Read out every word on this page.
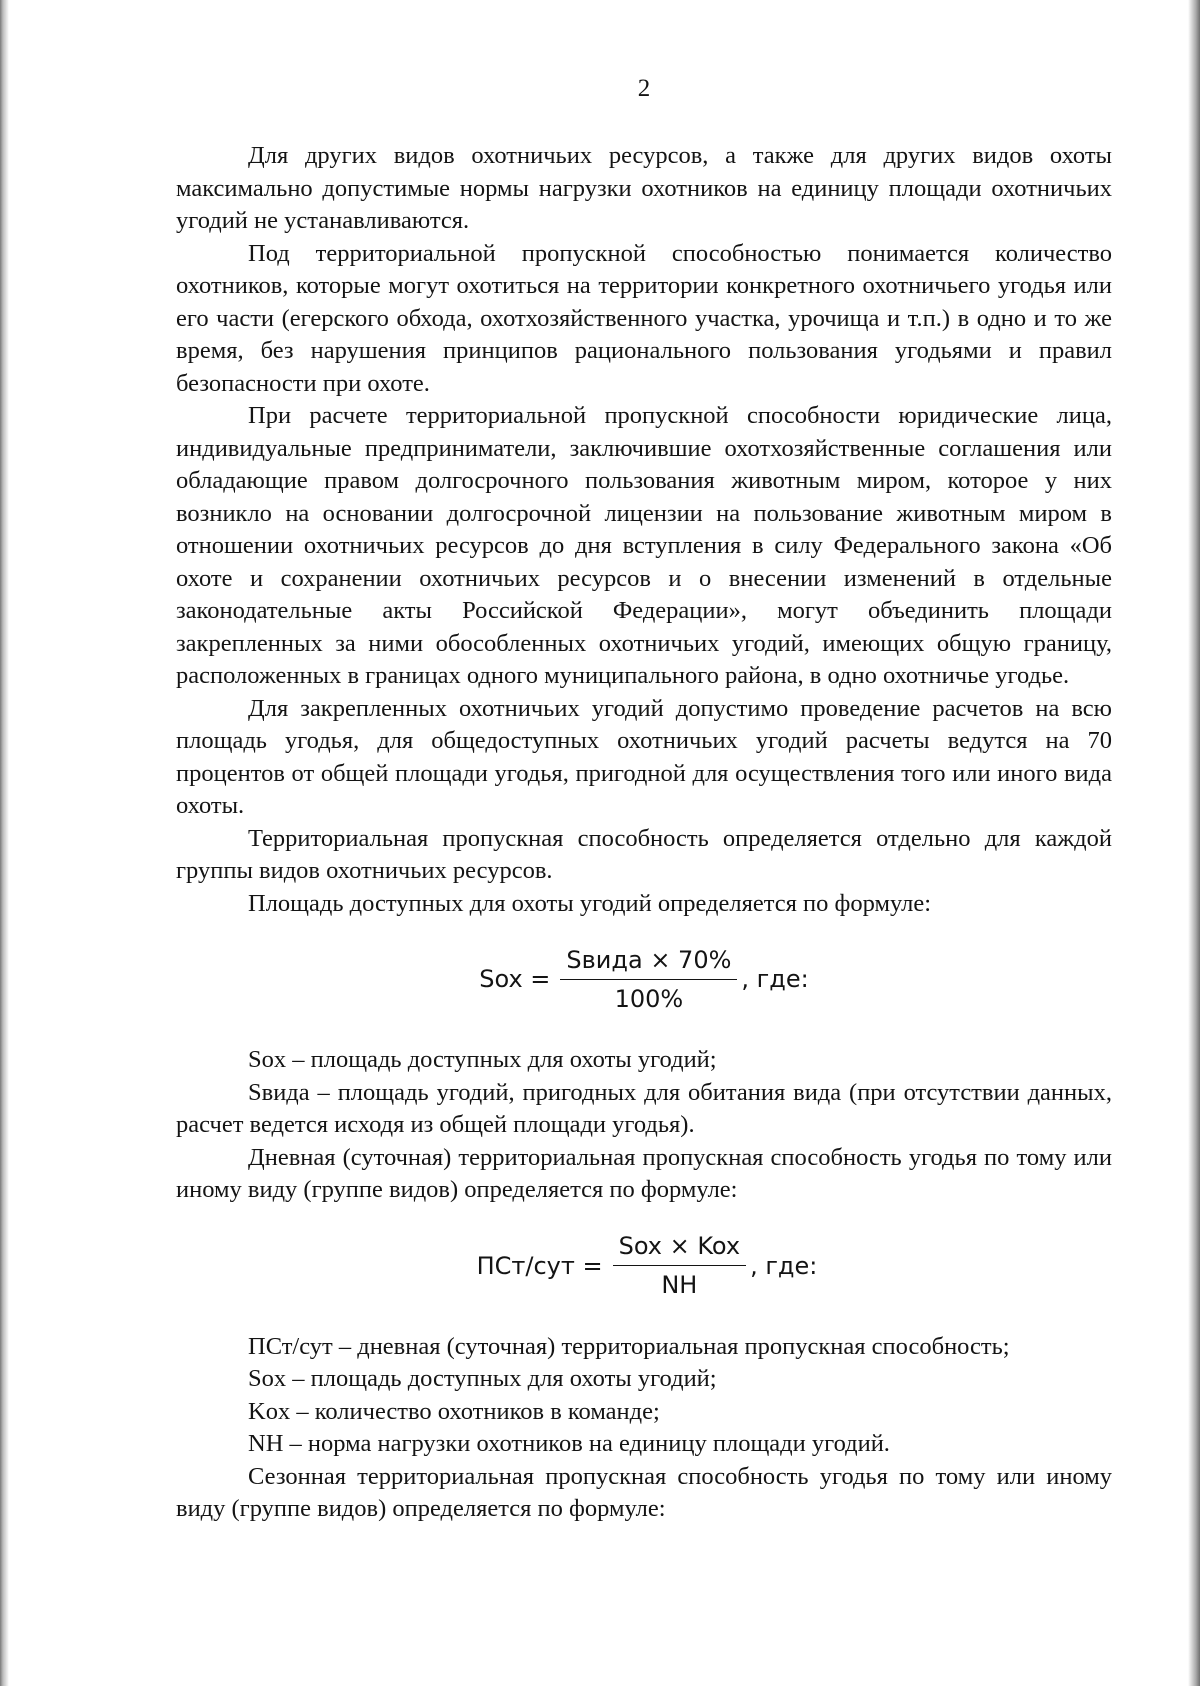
2

Для других видов охотничьих ресурсов, а также для других видов охоты максимально допустимые нормы нагрузки охотников на единицу площади охотничьих угодий не устанавливаются.

Под территориальной пропускной способностью понимается количество охотников, которые могут охотиться на территории конкретного охотничьего угодья или его части (егерского обхода, охотхозяйственного участка, урочища и т.п.) в одно и то же время, без нарушения принципов рационального пользования угодьями и правил безопасности при охоте.

При расчете территориальной пропускной способности юридические лица, индивидуальные предприниматели, заключившие охотхозяйственные соглашения или обладающие правом долгосрочного пользования животным миром, которое у них возникло на основании долгосрочной лицензии на пользование животным миром в отношении охотничьих ресурсов до дня вступления в силу Федерального закона «Об охоте и сохранении охотничьих ресурсов и о внесении изменений в отдельные законодательные акты Российской Федерации», могут объединить площади закрепленных за ними обособленных охотничьих угодий, имеющих общую границу, расположенных в границах одного муниципального района, в одно охотничье угодье.

Для закрепленных охотничьих угодий допустимо проведение расчетов на всю площадь угодья, для общедоступных охотничьих угодий расчеты ведутся на 70 процентов от общей площади угодья, пригодной для осуществления того или иного вида охоты.

Территориальная пропускная способность определяется отдельно для каждой группы видов охотничьих ресурсов.

Площадь доступных для охоты угодий определяется по формуле:

Sox = $\frac{\text{Sвида × 70\%}}{100\%}$ , где:

Sox – площадь доступных для охоты угодий;

Sвида – площадь угодий, пригодных для обитания вида (при отсутствии данных, расчет ведется исходя из общей площади угодья).

Дневная (суточная) территориальная пропускная способность угодья по тому или иному виду (группе видов) определяется по формуле:

$ПСт/сут = \frac{\text{Sox × Kox}}{NH}$ , где:

ПСт/сут – дневная (суточная) территориальная пропускная способность;

Sox – площадь доступных для охоты угодий;

Kox – количество охотников в команде;

NH – норма нагрузки охотников на единицу площади угодий.

Сезонная территориальная пропускная способность угодья по тому или иному виду (группе видов) определяется по формуле:
